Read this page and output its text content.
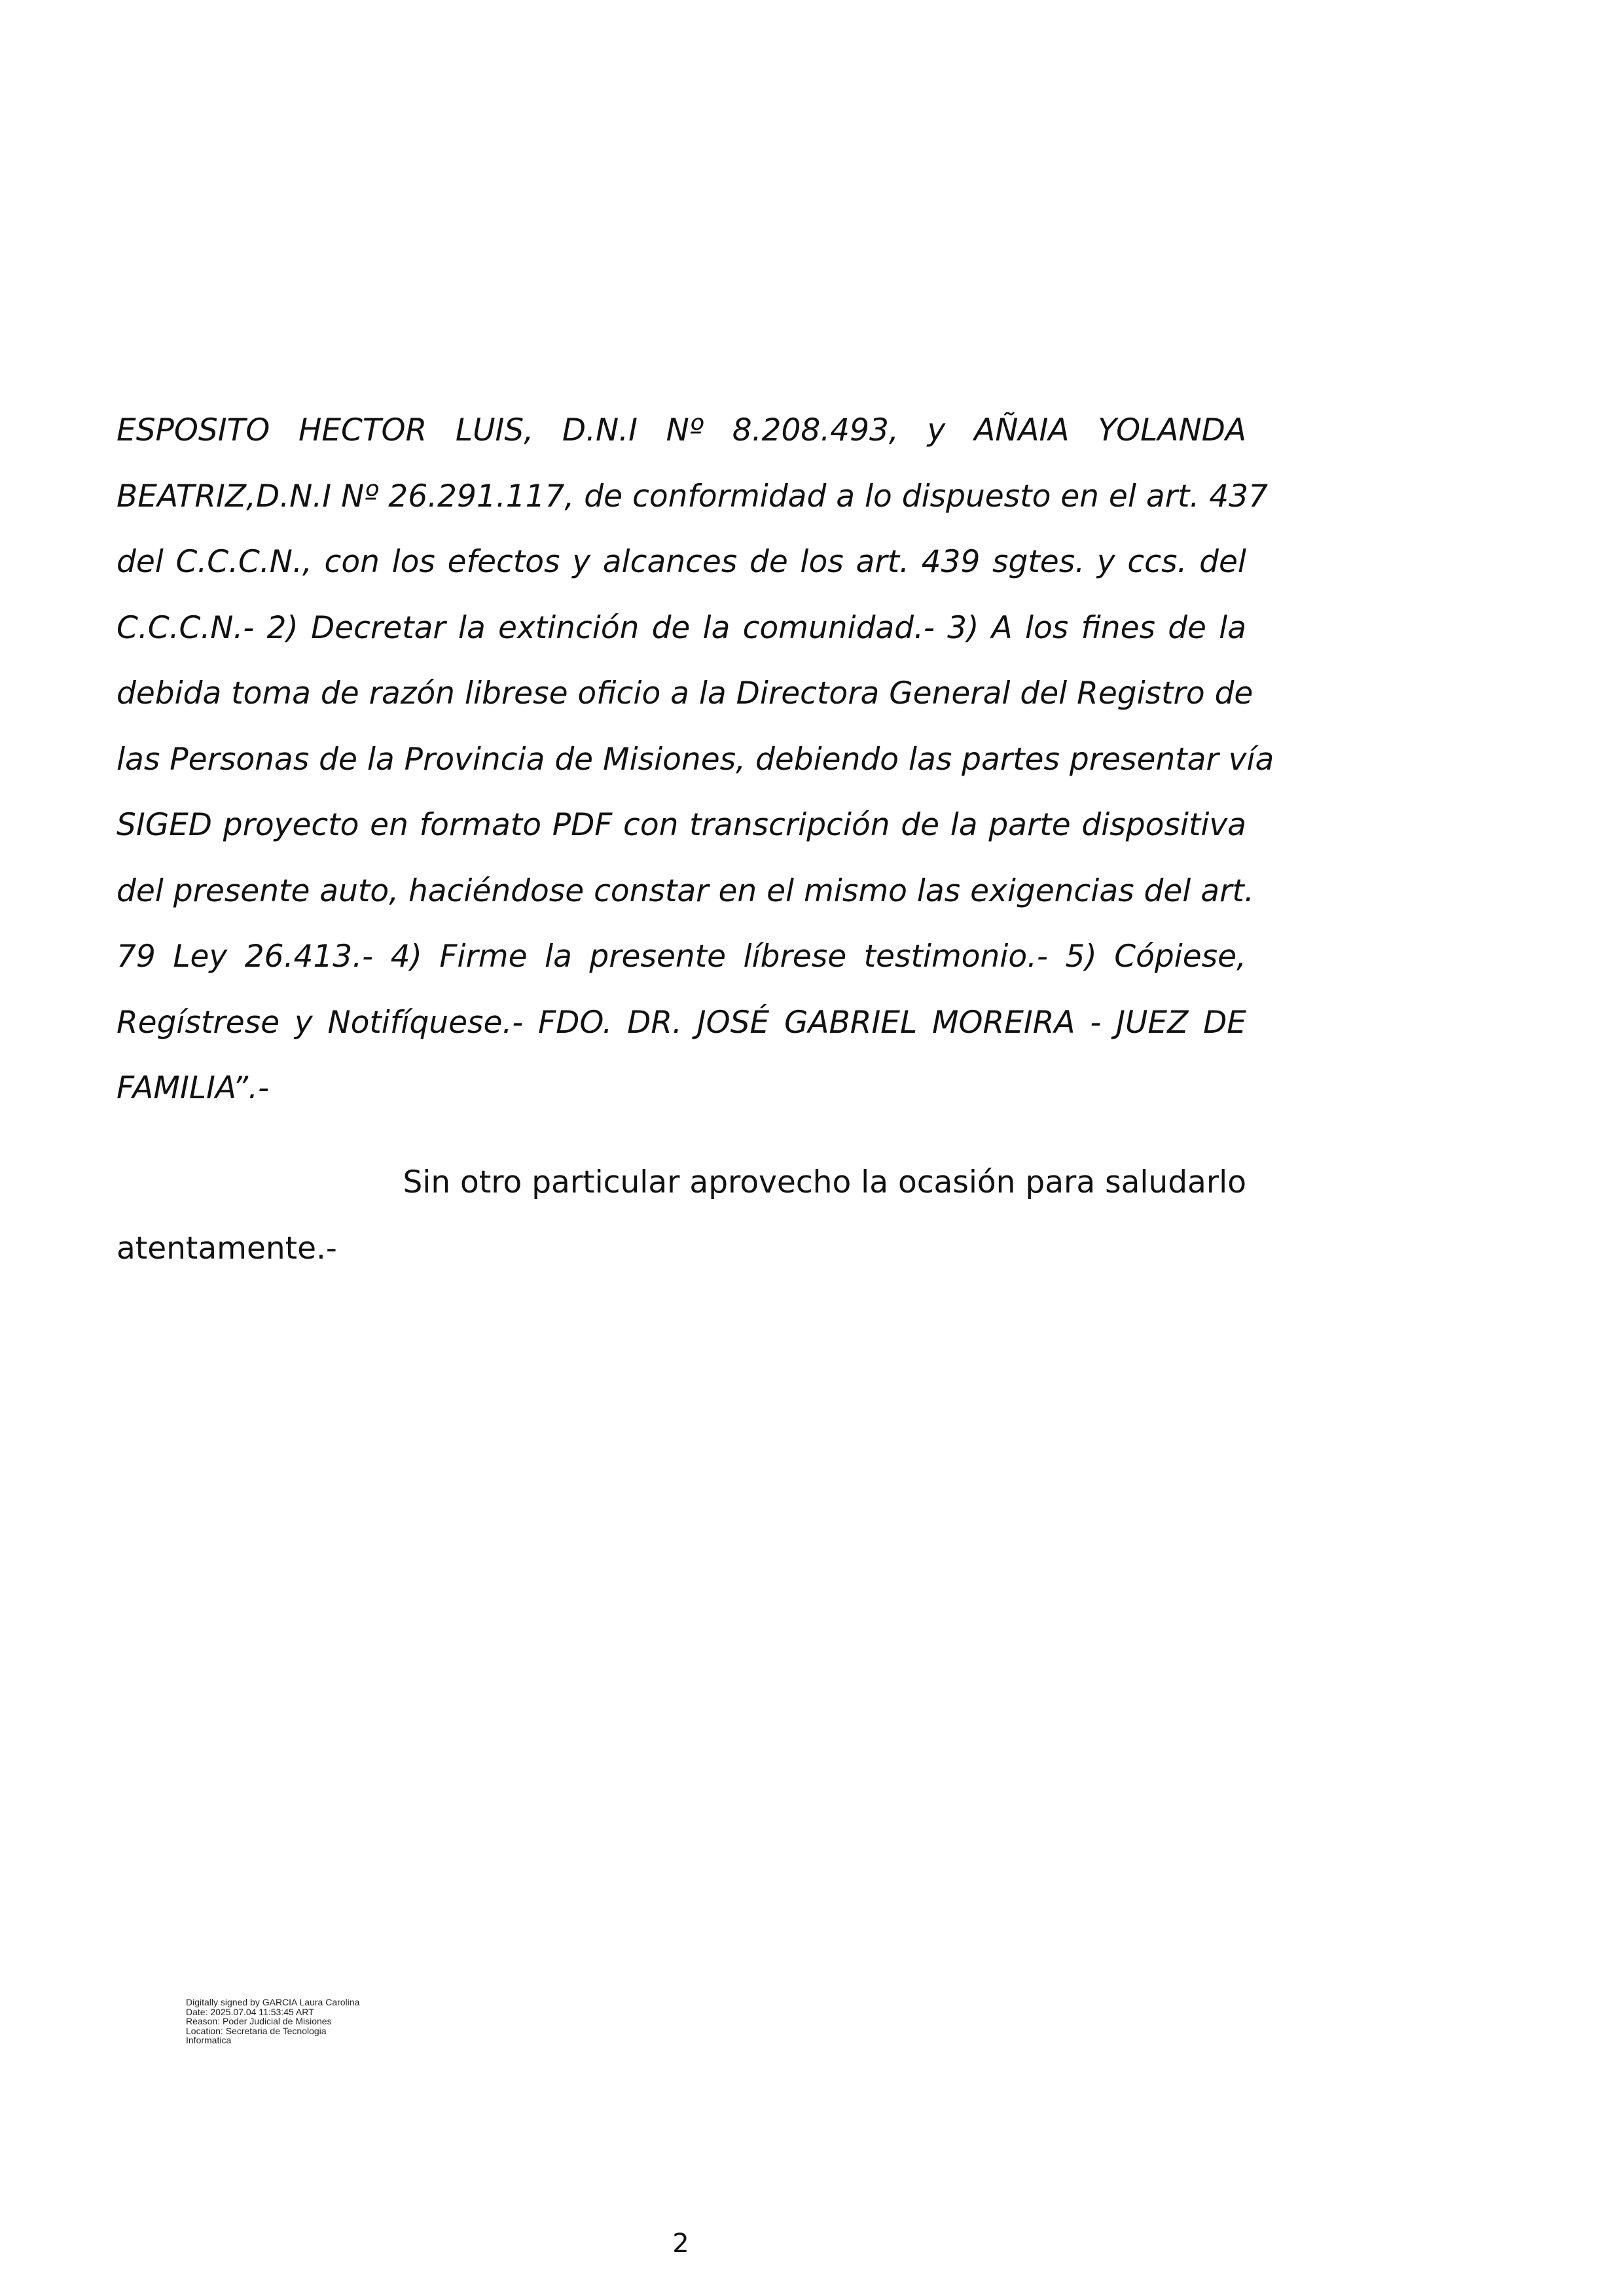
ESPOSITO HECTOR LUIS, D.N.I Nº 8.208.493, y AÑAIA YOLANDA
BEATRIZ,D.N.I Nº 26.291.117, de conformidad a lo dispuesto en el art. 437
del C.C.C.N., con los efectos y alcances de los art. 439 sgtes. y ccs. del
C.C.C.N.- 2) Decretar la extinción de la comunidad.- 3) A los fines de la
debida toma de razón librese oficio a la Directora General del Registro de
las Personas de la Provincia de Misiones, debiendo las partes presentar vía
SIGED proyecto en formato PDF con transcripción de la parte dispositiva
del presente auto, haciéndose constar en el mismo las exigencias del art.
79 Ley 26.413.- 4) Firme la presente líbrese testimonio.- 5) Cópiese,
Regístrese y Notifíquese.- FDO. DR. JOSÉ GABRIEL MOREIRA - JUEZ DE
FAMILIA”.-
Sin otro particular aprovecho la ocasión para saludarlo
atentamente.-
Digitally signed by GARCIA Laura Carolina
Date: 2025.07.04 11:53:45 ART
Reason: Poder Judicial de Misiones
Location: Secretaria de Tecnologia
Informatica
2
